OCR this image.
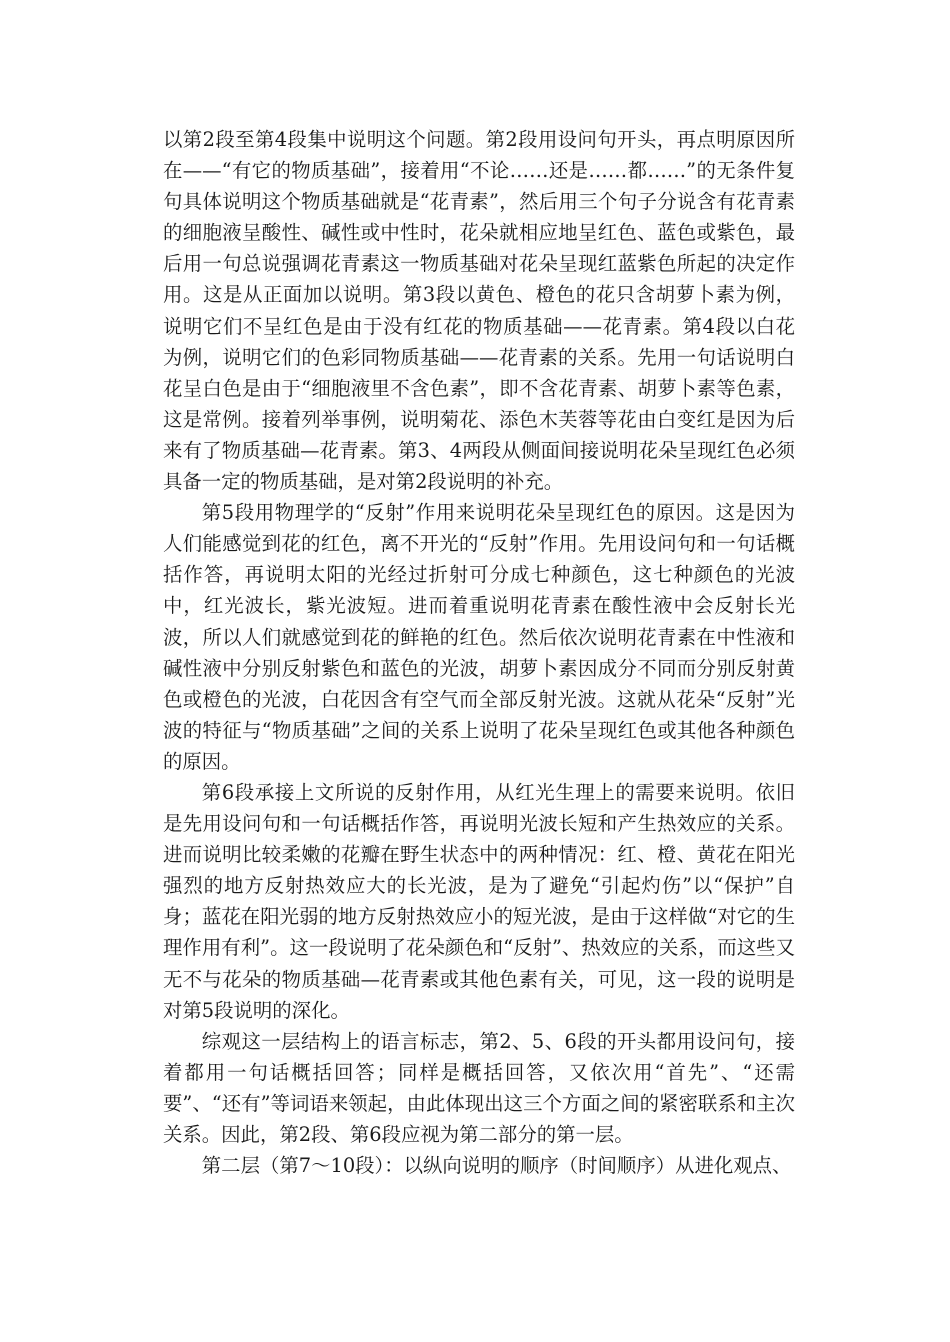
以第2段至第4段集中说明这个问题。第2段用设问句开头，再点明原因所在——“有它的物质基础”，接着用“不论……还是……都……”的无条件复句具体说明这个物质基础就是“花青素”，然后用三个句子分说含有花青素的细胞液呈酸性、碱性或中性时，花朵就相应地呈红色、蓝色或紫色，最后用一句总说强调花青素这一物质基础对花朵呈现红蓝紫色所起的决定作用。这是从正面加以说明。第3段以黄色、橙色的花只含胡萝卜素为例，说明它们不呈红色是由于没有红花的物质基础——花青素。第4段以白花为例，说明它们的色彩同物质基础——花青素的关系。先用一句话说明白花呈白色是由于“细胞液里不含色素”，即不含花青素、胡萝卜素等色素，这是常例。接着列举事例，说明菊花、添色木芙蓉等花由白变红是因为后来有了物质基础—花青素。第3、4两段从侧面间接说明花朵呈现红色必须具备一定的物质基础，是对第2段说明的补充。

第5段用物理学的“反射”作用来说明花朵呈现红色的原因。这是因为人们能感觉到花的红色，离不开光的“反射”作用。先用设问句和一句话概括作答，再说明太阳的光经过折射可分成七种颜色，这七种颜色的光波中，红光波长，紫光波短。进而着重说明花青素在酸性液中会反射长光波，所以人们就感觉到花的鲜艳的红色。然后依次说明花青素在中性液和碱性液中分别反射紫色和蓝色的光波，胡萝卜素因成分不同而分别反射黄色或橙色的光波，白花因含有空气而全部反射光波。这就从花朵“反射”光波的特征与“物质基础”之间的关系上说明了花朵呈现红色或其他各种颜色的原因。

第6段承接上文所说的反射作用，从红光生理上的需要来说明。依旧是先用设问句和一句话概括作答，再说明光波长短和产生热效应的关系。进而说明比较柔嫩的花瓣在野生状态中的两种情况：红、橙、黄花在阳光强烈的地方反射热效应大的长光波，是为了避免“引起灼伤”以“保护”自身；蓝花在阳光弱的地方反射热效应小的短光波，是由于这样做“对它的生理作用有利”。这一段说明了花朵颜色和“反射”、热效应的关系，而这些又无不与花朵的物质基础—花青素或其他色素有关，可见，这一段的说明是对第5段说明的深化。

综观这一层结构上的语言标志，第2、5、6段的开头都用设问句，接着都用一句话概括回答；同样是概括回答，又依次用“首先”、“还需要”、“还有”等词语来领起，由此体现出这三个方面之间的紧密联系和主次关系。因此，第2段、第6段应视为第二部分的第一层。

第二层（第7～10段）：以纵向说明的顺序（时间顺序）从进化观点、
